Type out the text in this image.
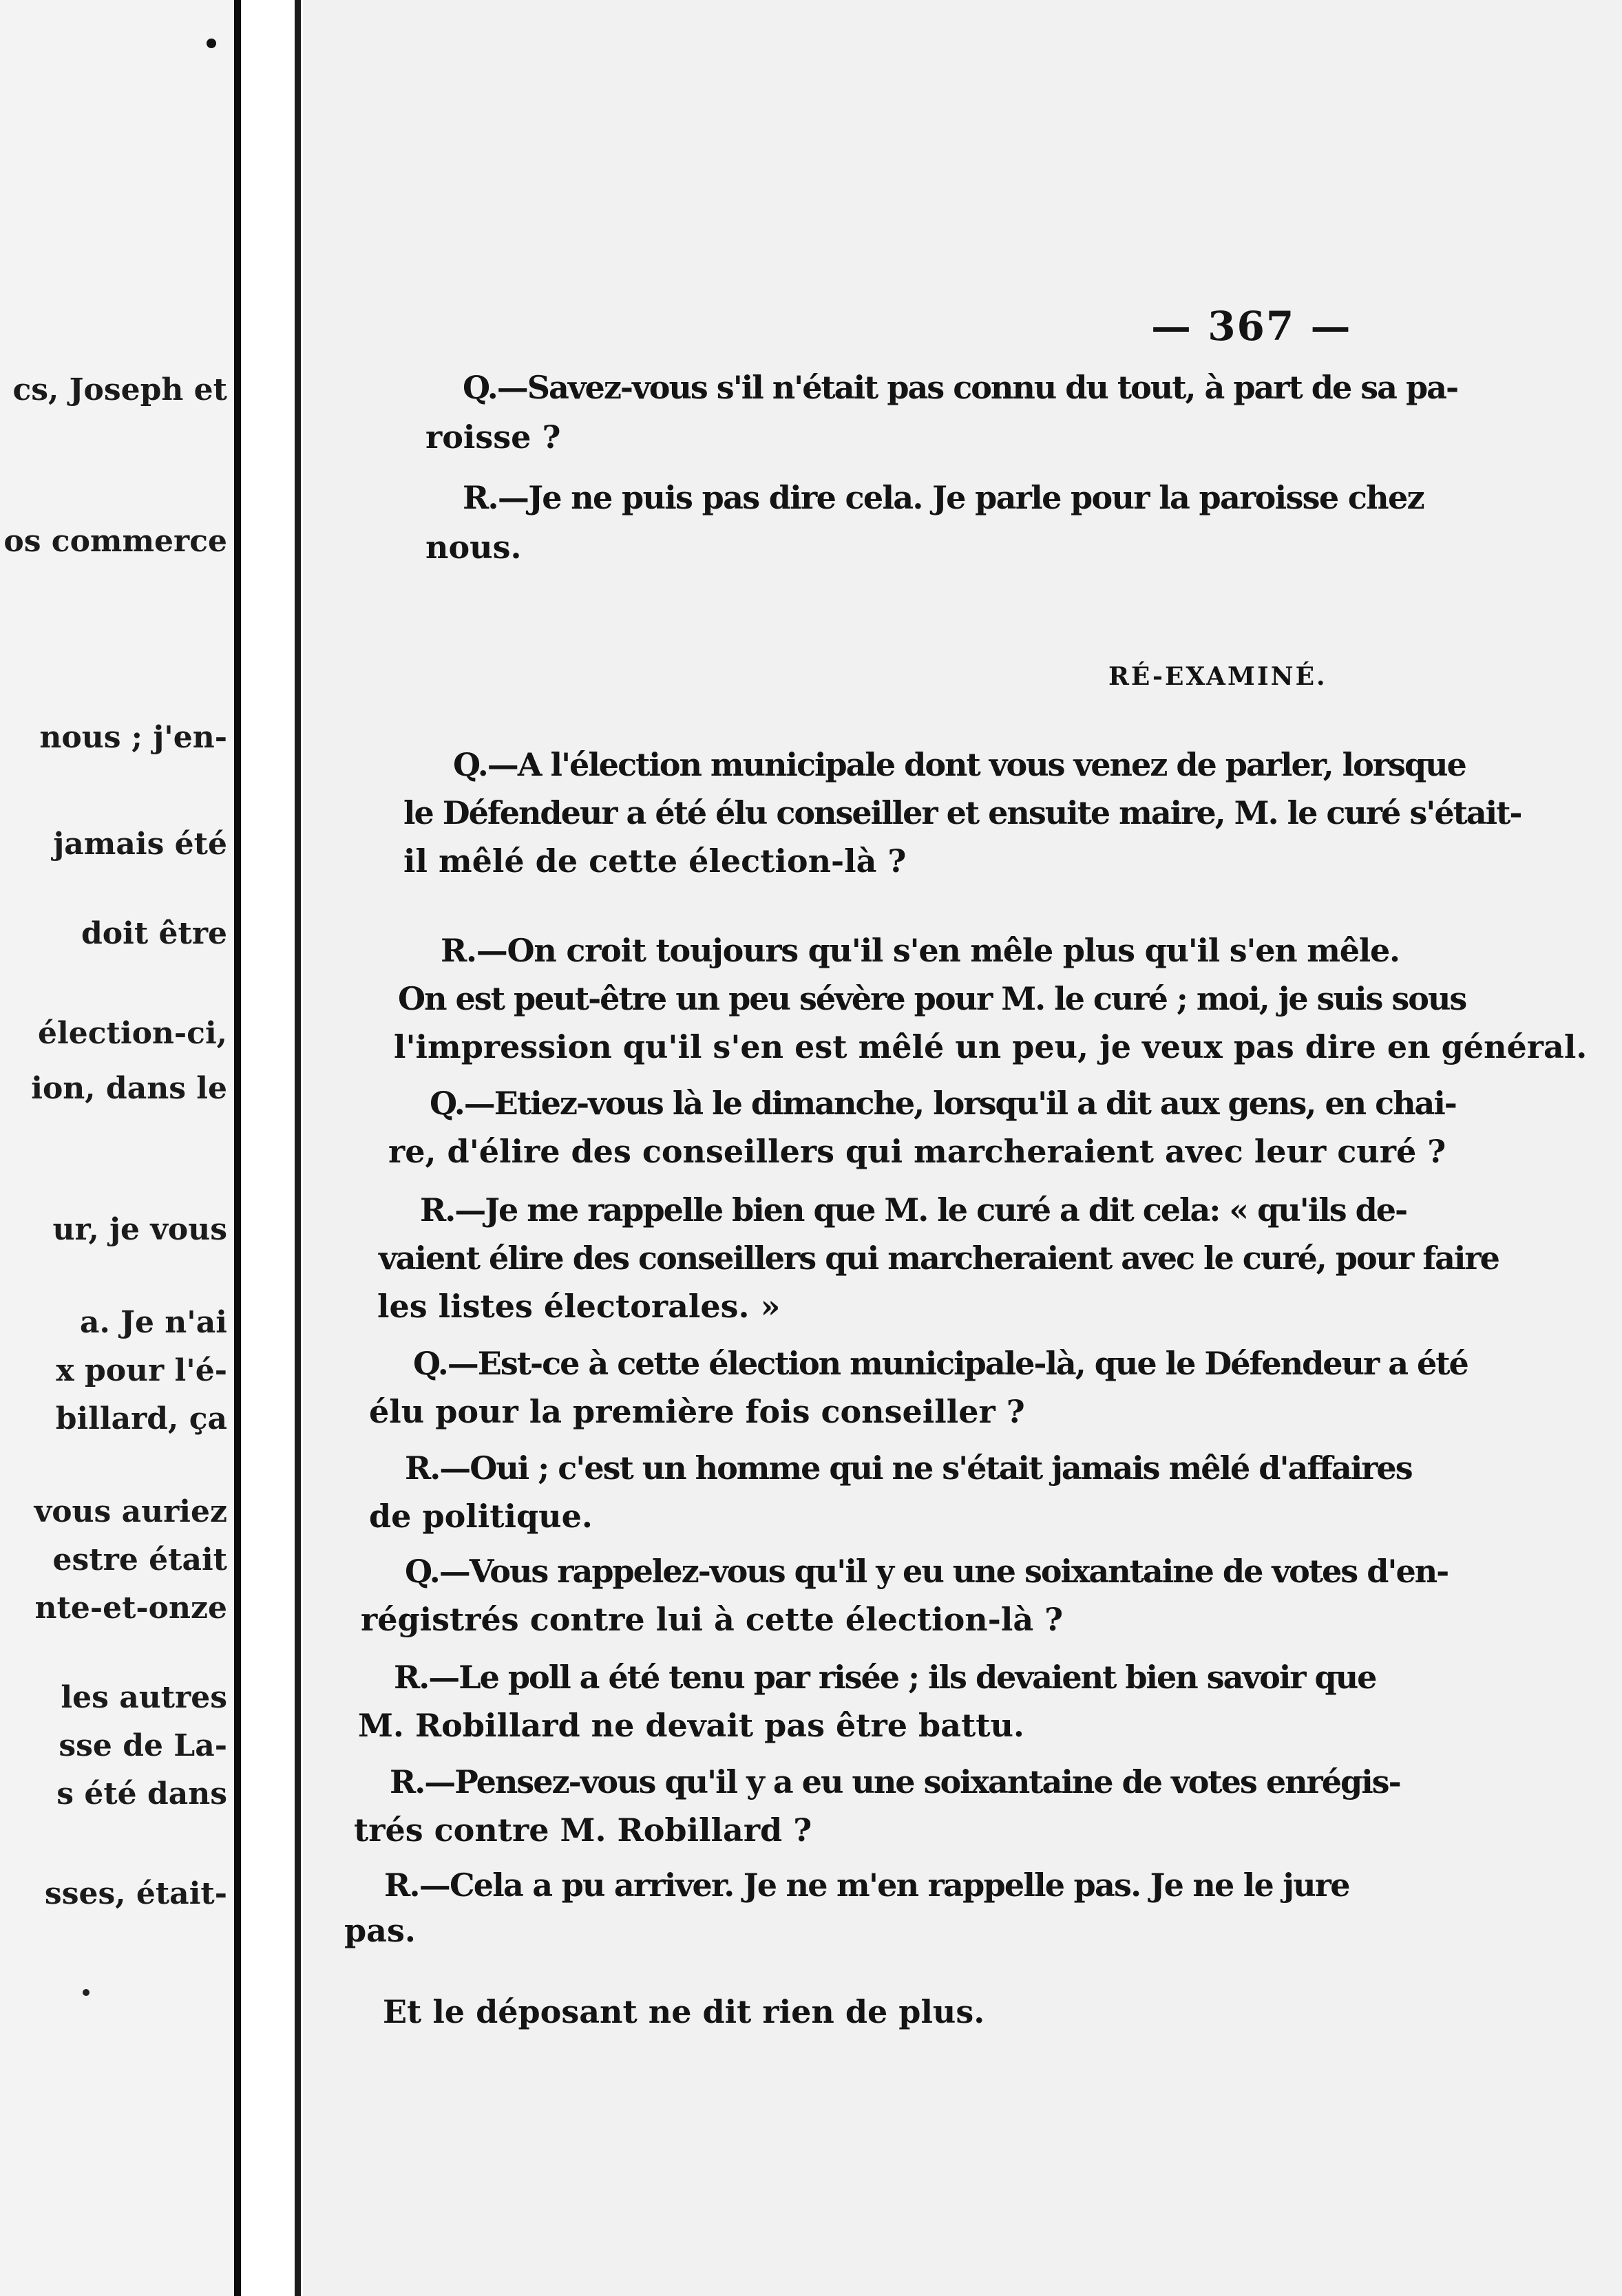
cs, Joseph et
os commerce
nous ; j'en-
jamais été
doit être
élection-ci,
ion, dans le
ur, je vous
a. Je n'ai
x pour l'é-
billard, ça
vous auriez
estre était
nte-et-onze
les autres
sse de La-
s été dans
sses, était-
— 367 —
RÉ-EXAMINÉ.
Q.—Savez-vous s'il n'était pas connu du tout, à part de sa pa-
roisse ?
R.—Je ne puis pas dire cela. Je parle pour la paroisse chez
nous.
Q.—A l'élection municipale dont vous venez de parler, lorsque
le Défendeur a été élu conseiller et ensuite maire, M. le curé s'était-
il mêlé de cette élection-là ?
R.—On croit toujours qu'il s'en mêle plus qu'il s'en mêle.
On est peut-être un peu sévère pour M. le curé ; moi, je suis sous
l'impression qu'il s'en est mêlé un peu, je veux pas dire en général.
Q.—Etiez-vous là le dimanche, lorsqu'il a dit aux gens, en chai-
re, d'élire des conseillers qui marcheraient avec leur curé ?
R.—Je me rappelle bien que M. le curé a dit cela: « qu'ils de-
vaient élire des conseillers qui marcheraient avec le curé, pour faire
les listes électorales. »
Q.—Est-ce à cette élection municipale-là, que le Défendeur a été
élu pour la première fois conseiller ?
R.—Oui ; c'est un homme qui ne s'était jamais mêlé d'affaires
de politique.
Q.—Vous rappelez-vous qu'il y eu une soixantaine de votes d'en-
régistrés contre lui à cette élection-là ?
R.—Le poll a été tenu par risée ; ils devaient bien savoir que
M. Robillard ne devait pas être battu.
R.—Pensez-vous qu'il y a eu une soixantaine de votes enrégis-
trés contre M. Robillard ?
R.—Cela a pu arriver. Je ne m'en rappelle pas. Je ne le jure
pas.
Et le déposant ne dit rien de plus.
